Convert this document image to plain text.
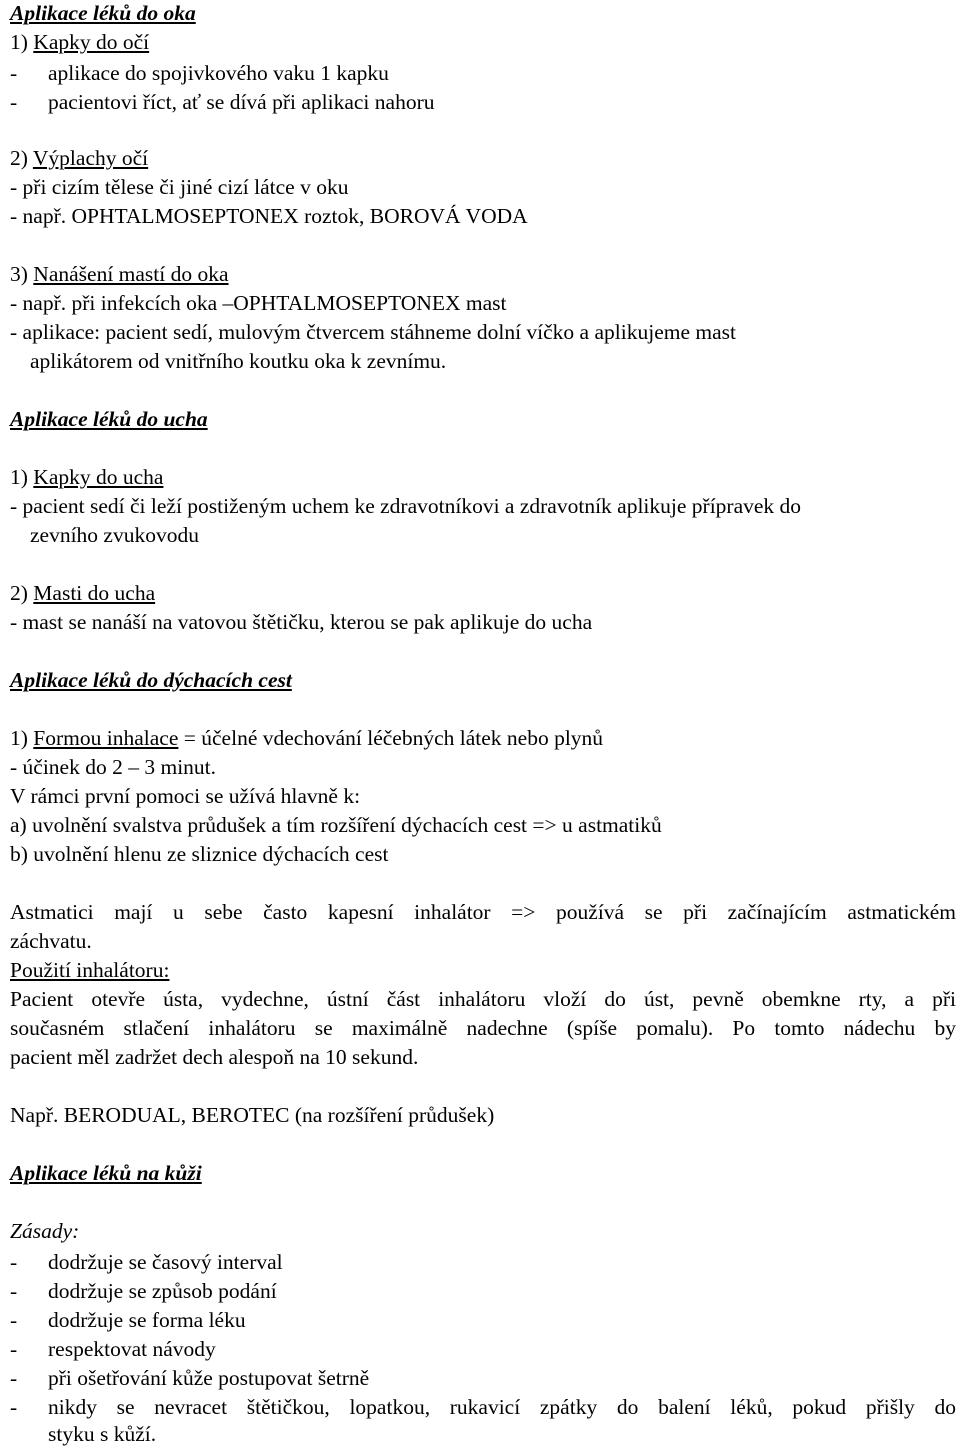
Aplikace léků do oka
1) Kapky do očí
- aplikace do spojivkového vaku 1 kapku
- pacientovi říct, ať se dívá při aplikaci nahoru
2) Výplachy očí
- při cizím tělese či jiné cizí látce v oku
- např. OPHTALMOSEPTONEX roztok, BOROVÁ VODA
3) Nanášení mastí do oka
- např. při infekcích oka –OPHTALMOSEPTONEX mast
- aplikace: pacient sedí, mulovým čtvercem stáhneme dolní víčko a aplikujeme mast
aplikátorem od vnitřního koutku oka k zevnímu.
Aplikace léků do ucha
1) Kapky do ucha
- pacient sedí či leží postiženým uchem ke zdravotníkovi a zdravotník aplikuje přípravek do
zevního zvukovodu
2) Masti do ucha
- mast se nanáší na vatovou štětičku, kterou se pak aplikuje do ucha
Aplikace léků do dýchacích cest
1) Formou inhalace = účelné vdechování léčebných látek nebo plynů
- účinek do 2 – 3 minut.
V rámci první pomoci se užívá hlavně k:
a) uvolnění svalstva průdušek a tím rozšíření dýchacích cest => u astmatiků
b) uvolnění hlenu ze sliznice dýchacích cest
Astmatici mají u sebe často kapesní inhalátor => používá se při začínajícím astmatickém
záchvatu.
Použití inhalátoru:
Pacient otevře ústa, vydechne, ústní část inhalátoru vloží do úst, pevně obemkne rty, a při
současném stlačení inhalátoru se maximálně nadechne (spíše pomalu). Po tomto nádechu by
pacient měl zadržet dech alespoň na 10 sekund.
Např. BERODUAL, BEROTEC (na rozšíření průdušek)
Aplikace léků na kůži
Zásady:
- dodržuje se časový interval
- dodržuje se způsob podání
- dodržuje se forma léku
- respektovat návody
- při ošetřování kůže postupovat šetrně
- nikdy se nevracet štětičkou, lopatkou, rukavicí zpátky do balení léků, pokud přišly do
styku s kůží.
